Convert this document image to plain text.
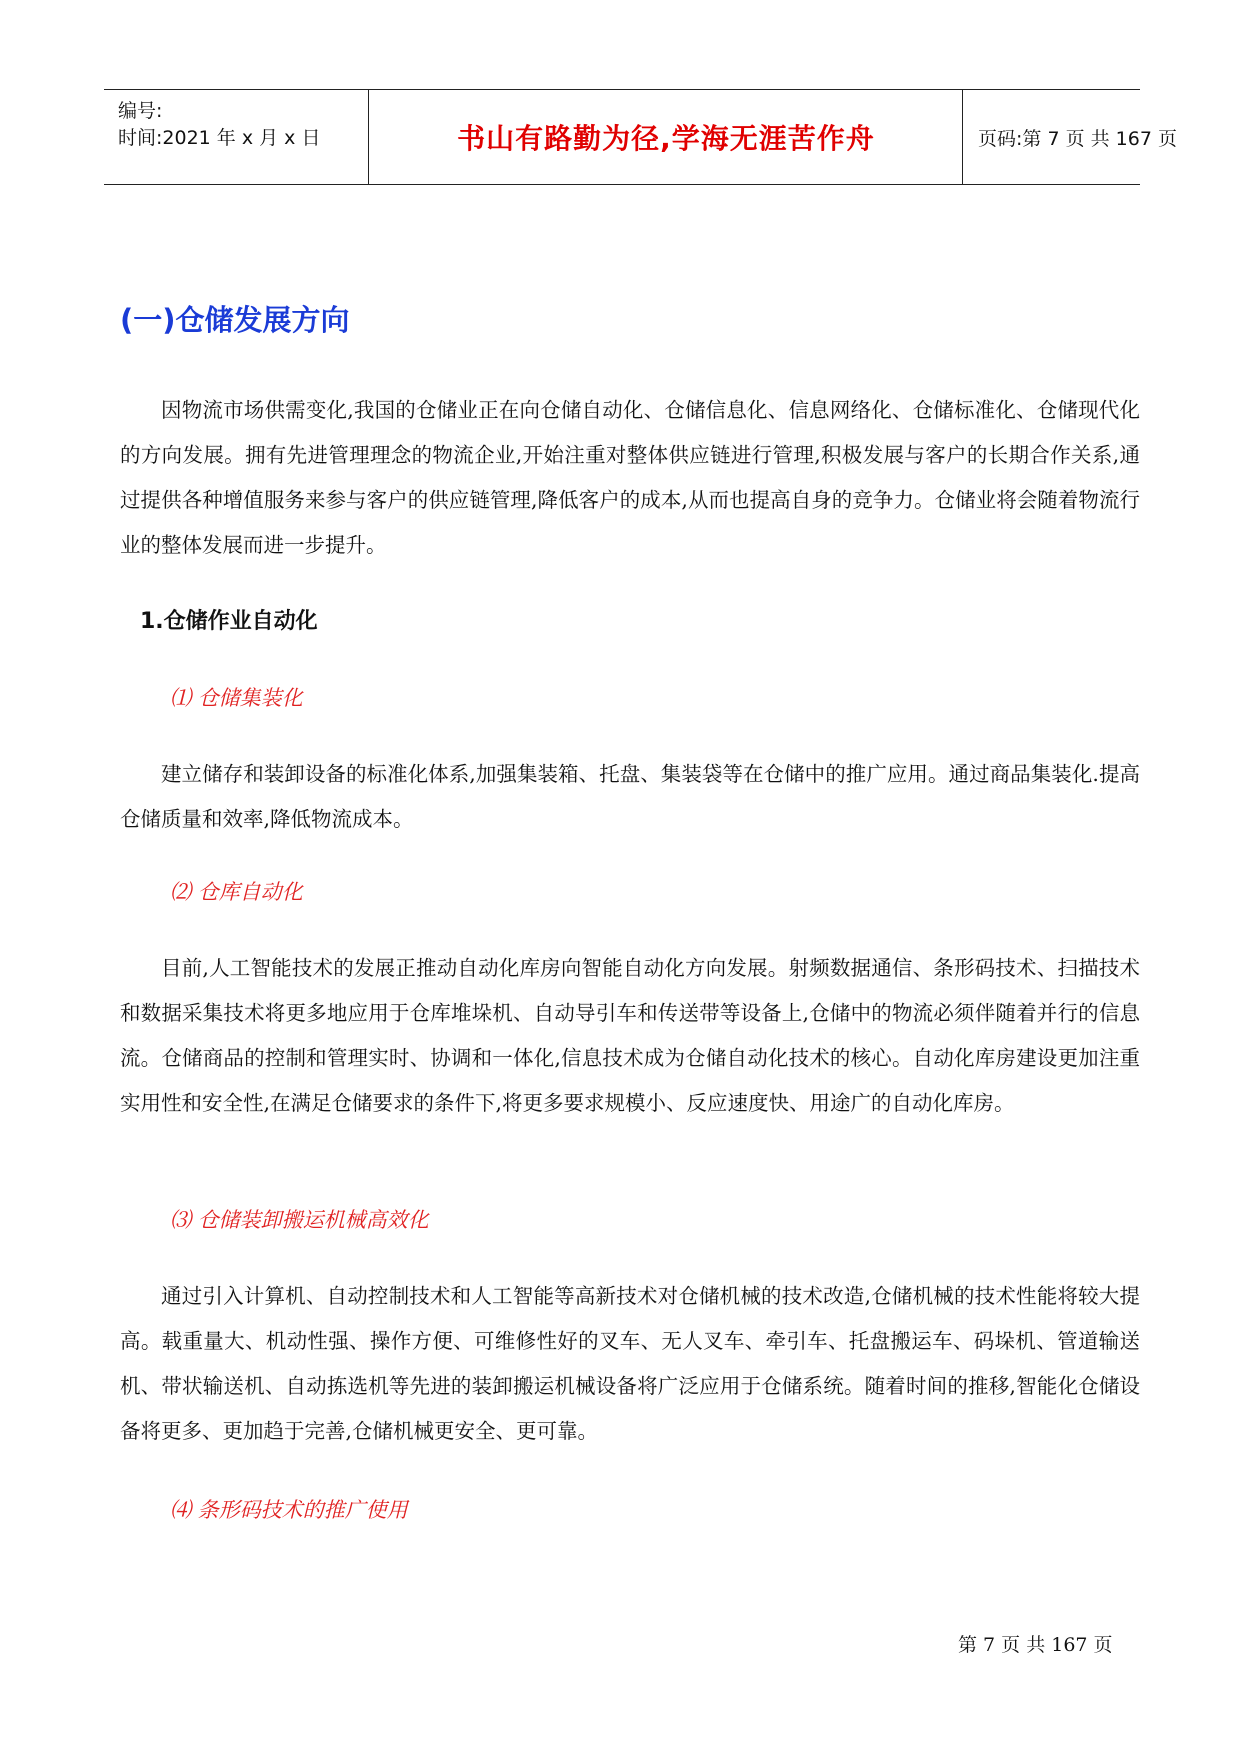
编号:
时间:2021 年 x 月 x 日	书山有路勤为径,学海无涯苦作舟	页码:第 7 页 共 167 页
(一)仓储发展方向

因物流市场供需变化,我国的仓储业正在向仓储自动化、仓储信息化、信息网络化、仓储标准化、仓储现代化的方向发展。拥有先进管理理念的物流企业,开始注重对整体供应链进行管理,积极发展与客户的长期合作关系,通过提供各种增值服务来参与客户的供应链管理,降低客户的成本,从而也提高自身的竞争力。仓储业将会随着物流行业的整体发展而进一步提升。

1.仓储作业自动化
⑴ 仓储集装化

建立储存和装卸设备的标准化体系,加强集装箱、托盘、集装袋等在仓储中的推广应用。通过商品集装化.提高仓储质量和效率,降低物流成本。

⑵ 仓库自动化

目前,人工智能技术的发展正推动自动化库房向智能自动化方向发展。射频数据通信、条形码技术、扫描技术和数据采集技术将更多地应用于仓库堆垛机、自动导引车和传送带等设备上,仓储中的物流必须伴随着并行的信息流。仓储商品的控制和管理实时、协调和一体化,信息技术成为仓储自动化技术的核心。自动化库房建设更加注重实用性和安全性,在满足仓储要求的条件下,将更多要求规模小、反应速度快、用途广的自动化库房。

⑶ 仓储装卸搬运机械高效化

通过引入计算机、自动控制技术和人工智能等高新技术对仓储机械的技术改造,仓储机械的技术性能将较大提高。载重量大、机动性强、操作方便、可维修性好的叉车、无人叉车、牵引车、托盘搬运车、码垛机、管道输送机、带状输送机、自动拣选机等先进的装卸搬运机械设备将广泛应用于仓储系统。随着时间的推移,智能化仓储设备将更多、更加趋于完善,仓储机械更安全、更可靠。

⑷ 条形码技术的推广使用
第 7 页 共 167 页
